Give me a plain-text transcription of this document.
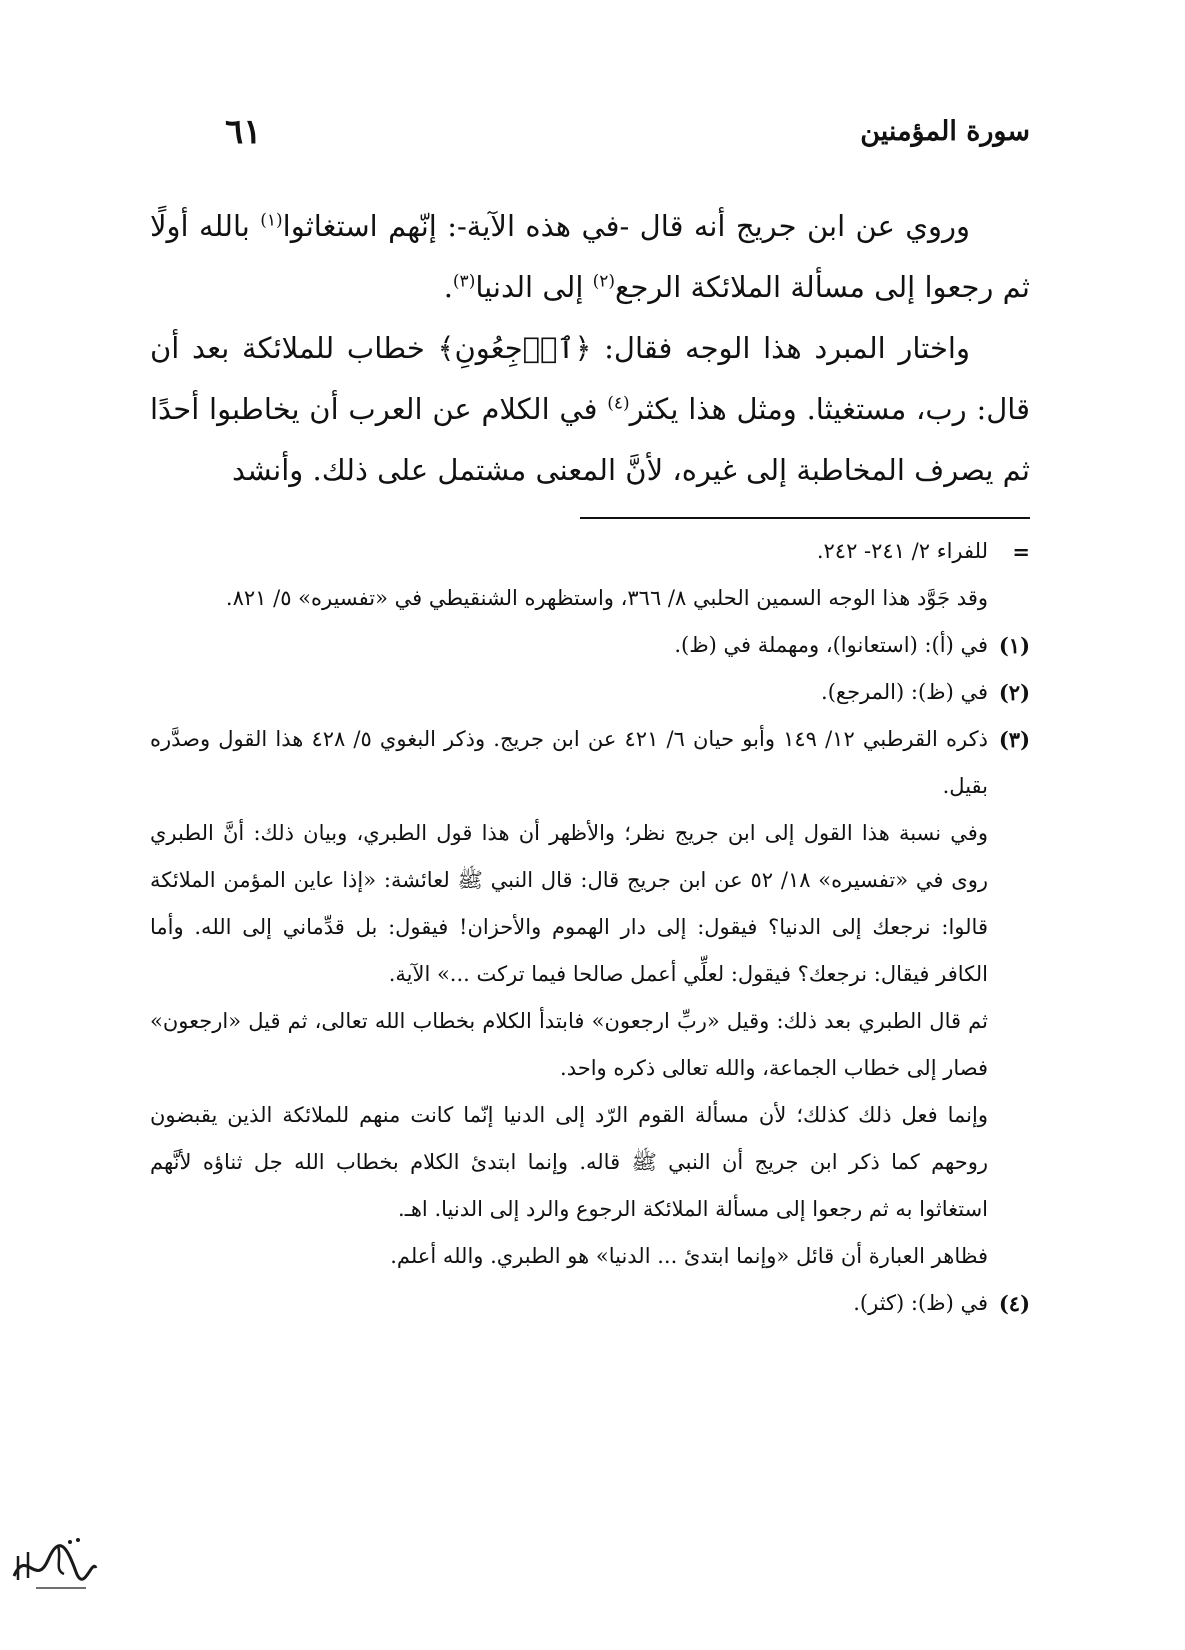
٦١	سورة المؤمنين

وروي عن ابن جريج أنه قال -في هذه الآية-: إنّهم استغاثوا$^{(١)}$ بالله أولًا ثم رجعوا إلى مسألة الملائكة الرجع$^{(٢)}$ إلى الدنيا$^{(٣)}$.

واختار المبرد هذا الوجه فقال: ﴿ٱرۡجِعُونِ﴾ خطاب للملائكة بعد أن قال: رب، مستغيثا. ومثل هذا يكثر$^{(٤)}$ في الكلام عن العرب أن يخاطبوا أحدًا ثم يصرف المخاطبة إلى غيره، لأنَّ المعنى مشتمل على ذلك. وأنشد

=
للفراء ٢/ ٢٤١- ٢٤٢.
وقد جَوَّد هذا الوجه السمين الحلبي ٨/ ٣٦٦، واستظهره الشنقيطي في «تفسيره» ٥/ ٨٢١.
(١)
في (أ): (استعانوا)، ومهملة في (ظ).
(٢)
في (ظ): (المرجع).
(٣)
ذكره القرطبي ١٢/ ١٤٩ وأبو حيان ٦/ ٤٢١ عن ابن جريج. وذكر البغوي ٥/ ٤٢٨ هذا القول وصدَّره بقيل.
وفي نسبة هذا القول إلى ابن جريج نظر؛ والأظهر أن هذا قول الطبري، وبيان ذلك: أنَّ الطبري روى في «تفسيره» ١٨/ ٥٢ عن ابن جريج قال: قال النبي ﷺ لعائشة: «إذا عاين المؤمن الملائكة قالوا: نرجعك إلى الدنيا؟ فيقول: إلى دار الهموم والأحزان! فيقول: بل قدِّماني إلى الله. وأما الكافر فيقال: نرجعك؟ فيقول: لعلِّي أعمل صالحا فيما تركت ...» الآية.
ثم قال الطبري بعد ذلك: وقيل «ربِّ ارجعون» فابتدأ الكلام بخطاب الله تعالى، ثم قيل «ارجعون» فصار إلى خطاب الجماعة، والله تعالى ذكره واحد.
وإنما فعل ذلك كذلك؛ لأن مسألة القوم الرّد إلى الدنيا إنّما كانت منهم للملائكة الذين يقبضون روحهم كما ذكر ابن جريج أن النبي ﷺ قاله. وإنما ابتدئ الكلام بخطاب الله جل ثناؤه لأنَّهم استغاثوا به ثم رجعوا إلى مسألة الملائكة الرجوع والرد إلى الدنيا. اهـ.
فظاهر العبارة أن قائل «وإنما ابتدئ ... الدنيا» هو الطبري. والله أعلم.
(٤)
في (ظ): (كثر).
